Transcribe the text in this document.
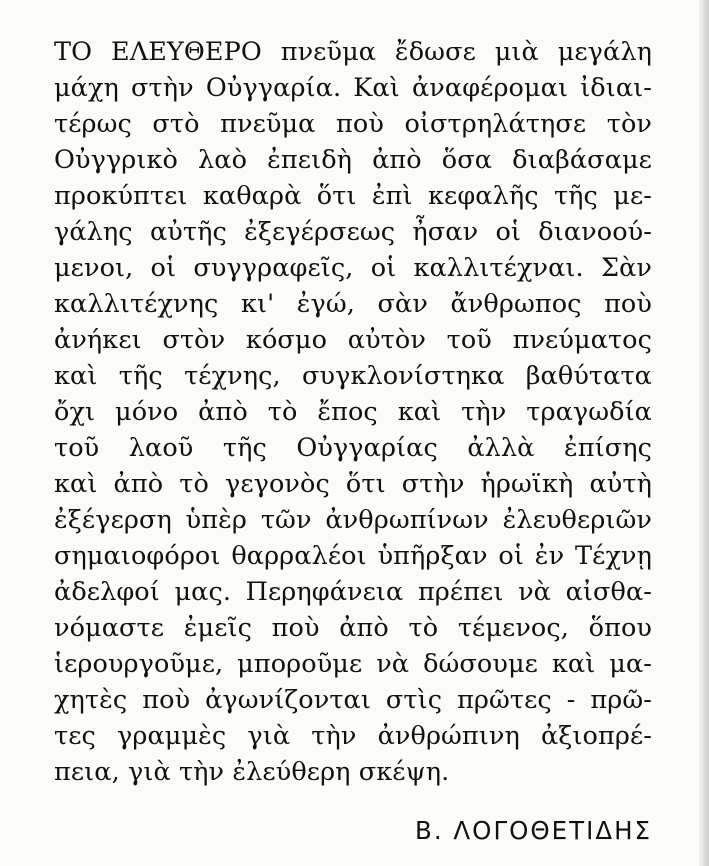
ΤΟ ΕΛΕΥΘΕΡΟ πνεῦμα ἔδωσε μιὰ μεγάλη
μάχη στὴν Οὐγγαρία. Καὶ ἀναφέρομαι ἰδιαι-
τέρως στὸ πνεῦμα ποὺ οἰστρηλάτησε τὸν
Οὐγγρικὸ λαὸ ἐπειδὴ ἀπὸ ὅσα διαβάσαμε
προκύπτει καθαρὰ ὅτι ἐπὶ κεφαλῆς τῆς με-
γάλης αὐτῆς ἐξεγέρσεως ἦσαν οἱ διανοού-
μενοι, οἱ συγγραφεῖς, οἱ καλλιτέχναι. Σὰν
καλλιτέχνης κι' ἐγώ, σὰν ἄνθρωπος ποὺ
ἀνήκει στὸν κόσμο αὐτὸν τοῦ πνεύματος
καὶ τῆς τέχνης, συγκλονίστηκα βαθύτατα
ὄχι μόνο ἀπὸ τὸ ἔπος καὶ τὴν τραγωδία
τοῦ λαοῦ τῆς Οὐγγαρίας ἀλλὰ ἐπίσης
καὶ ἀπὸ τὸ γεγονὸς ὅτι στὴν ἡρωϊκὴ αὐτὴ
ἐξέγερση ὑπὲρ τῶν ἀνθρωπίνων ἐλευθεριῶν
σημαιοφόροι θαρραλέοι ὑπῆρξαν οἱ ἐν Τέχνῃ
ἀδελφοί μας. Περηφάνεια πρέπει νὰ αἰσθα-
νόμαστε ἐμεῖς ποὺ ἀπὸ τὸ τέμενος, ὅπου
ἱερουργοῦμε, μποροῦμε νὰ δώσουμε καὶ μα-
χητὲς ποὺ ἀγωνίζονται στὶς πρῶτες - πρῶ-
τες γραμμὲς γιὰ τὴν ἀνθρώπινη ἀξιοπρέ-
πεια, γιὰ τὴν ἐλεύθερη σκέψη.
Β. ΛΟΓΟΘΕΤΙΔΗΣ
